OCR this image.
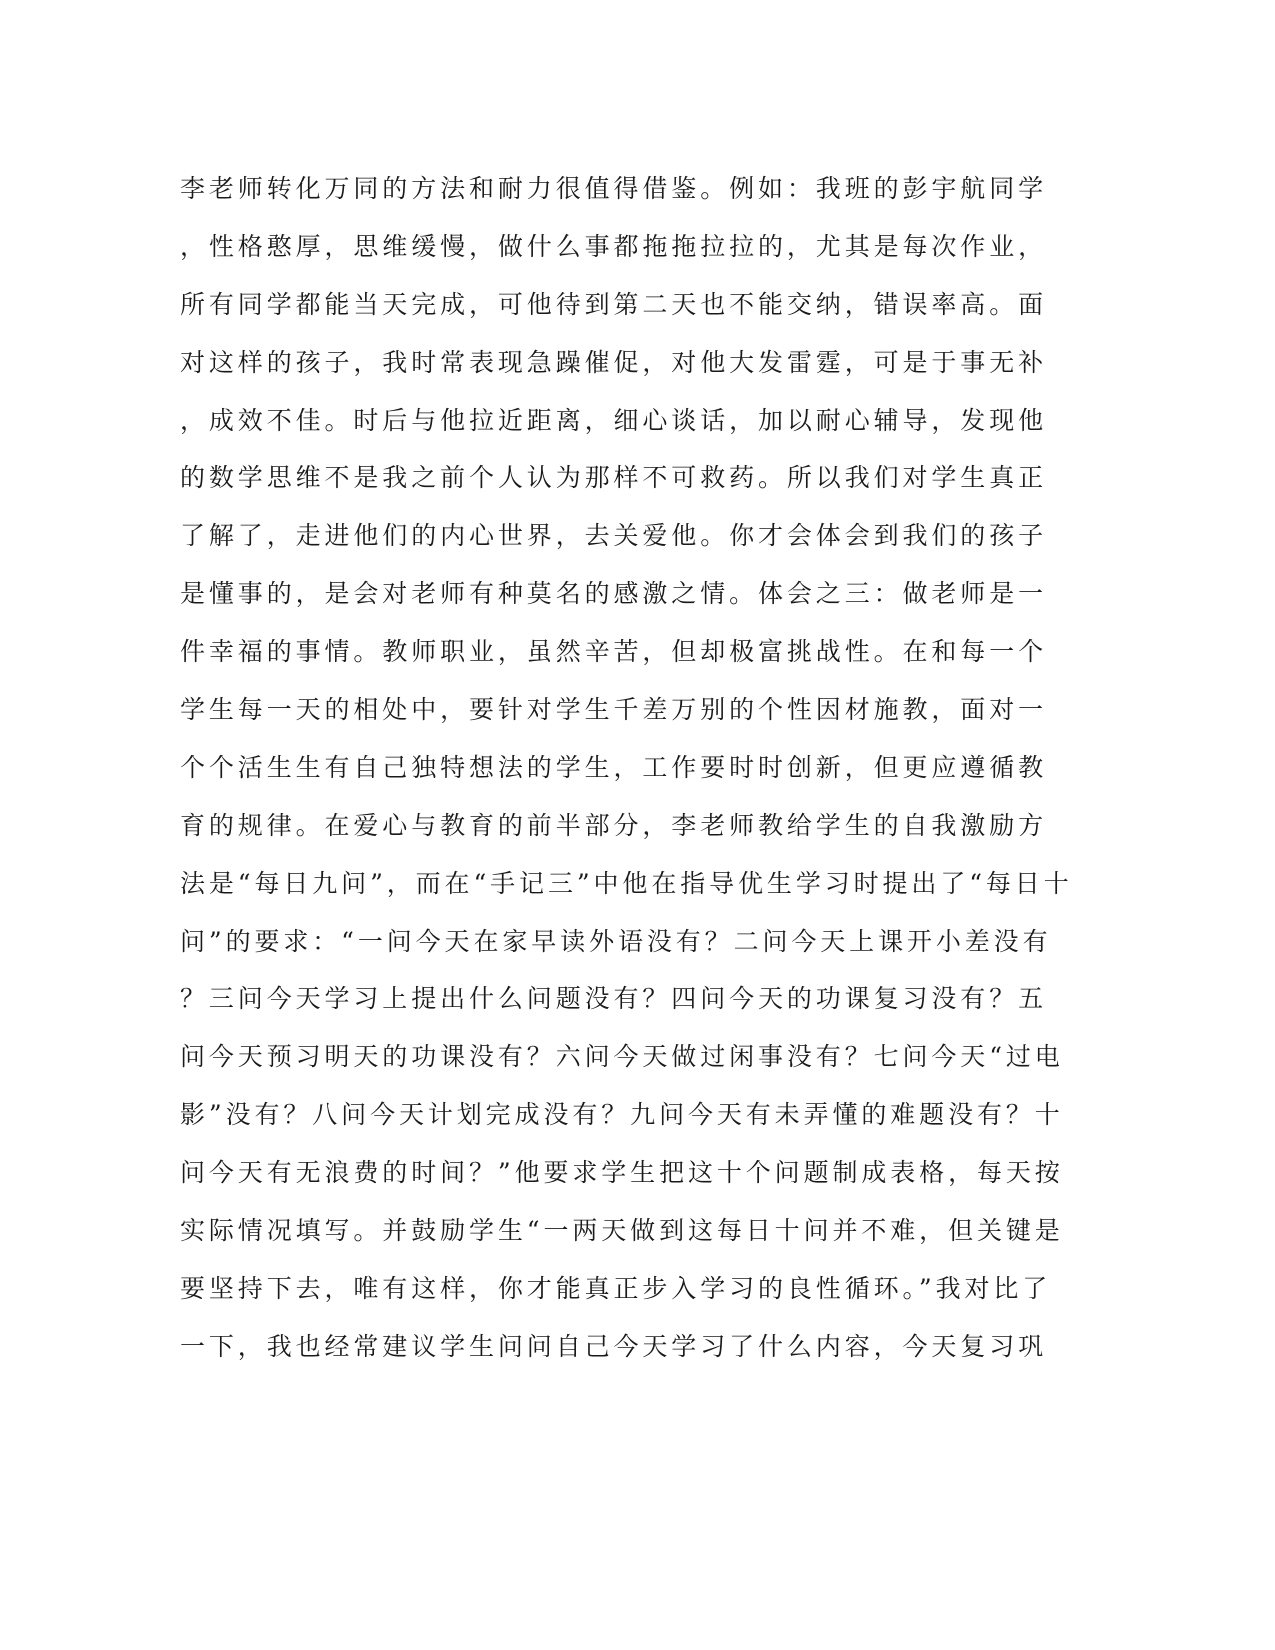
李老师转化万同的方法和耐力很值得借鉴。例如：我班的彭宇航同学
，性格憨厚，思维缓慢，做什么事都拖拖拉拉的，尤其是每次作业，
所有同学都能当天完成，可他待到第二天也不能交纳，错误率高。面
对这样的孩子，我时常表现急躁催促，对他大发雷霆，可是于事无补
，成效不佳。时后与他拉近距离，细心谈话，加以耐心辅导，发现他
的数学思维不是我之前个人认为那样不可救药。所以我们对学生真正
了解了，走进他们的内心世界，去关爱他。你才会体会到我们的孩子
是懂事的，是会对老师有种莫名的感激之情。体会之三：做老师是一
件幸福的事情。教师职业，虽然辛苦，但却极富挑战性。在和每一个
学生每一天的相处中，要针对学生千差万别的个性因材施教，面对一
个个活生生有自己独特想法的学生，工作要时时创新，但更应遵循教
育的规律。在爱心与教育的前半部分，李老师教给学生的自我激励方
法是“每日九问”，而在“手记三”中他在指导优生学习时提出了“每日十
问”的要求：“一问今天在家早读外语没有？二问今天上课开小差没有
？三问今天学习上提出什么问题没有？四问今天的功课复习没有？五
问今天预习明天的功课没有？六问今天做过闲事没有？七问今天“过电
影”没有？八问今天计划完成没有？九问今天有未弄懂的难题没有？十
问今天有无浪费的时间？”他要求学生把这十个问题制成表格，每天按
实际情况填写。并鼓励学生“一两天做到这每日十问并不难，但关键是
要坚持下去，唯有这样，你才能真正步入学习的良性循环。”我对比了
一下，我也经常建议学生问问自己今天学习了什么内容，今天复习巩
